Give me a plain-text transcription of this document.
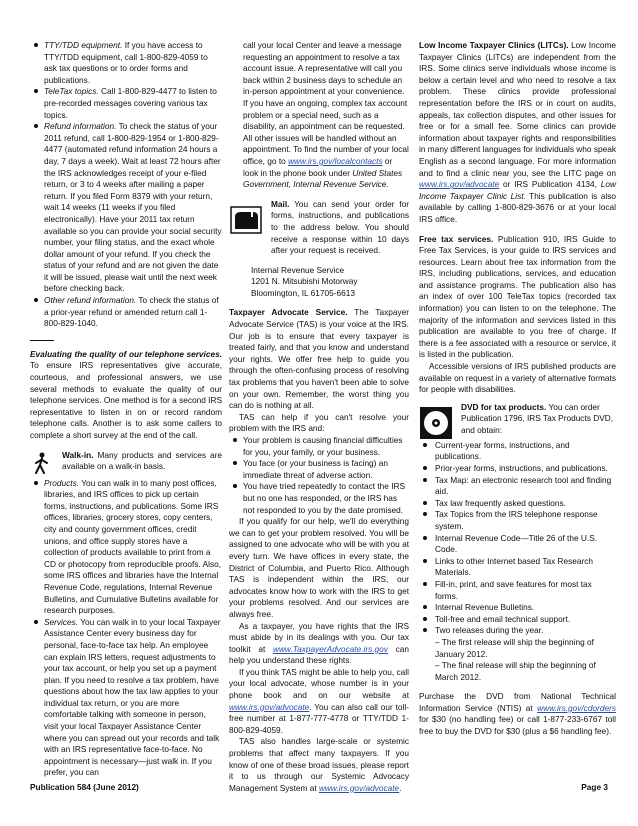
TTY/TDD equipment. If you have access to TTY/TDD equipment, call 1-800-829-4059 to ask tax questions or to order forms and publications.
TeleTax topics. Call 1-800-829-4477 to listen to pre-recorded messages covering various tax topics.
Refund information. To check the status of your 2011 refund, call 1-800-829-1954 or 1-800-829-4477 (automated refund information 24 hours a day, 7 days a week). Wait at least 72 hours after the IRS acknowledges receipt of your e-filed return, or 3 to 4 weeks after mailing a paper return. If you filed Form 8379 with your return, wait 14 weeks (11 weeks if you filed electronically). Have your 2011 tax return available so you can provide your social security number, your filing status, and the exact whole dollar amount of your refund. If you check the status of your refund and are not given the date it will be issued, please wait until the next week before checking back.
Other refund information. To check the status of a prior-year refund or amended return call 1-800-829-1040.

Evaluating the quality of our telephone services. To ensure IRS representatives give accurate, courteous, and professional answers, we use several methods to evaluate the quality of our telephone services. One method is for a second IRS representative to listen in on or record random telephone calls. Another is to ask some callers to complete a short survey at the end of the call.

Walk-in. Many products and services are available on a walk-in basis.

Products. You can walk in to many post offices, libraries, and IRS offices to pick up certain forms, instructions, and publications. Some IRS offices, libraries, grocery stores, copy centers, city and county government offices, credit unions, and office supply stores have a collection of products available to print from a CD or photocopy from reproducible proofs. Also, some IRS offices and libraries have the Internal Revenue Code, regulations, Internal Revenue Bulletins, and Cumulative Bulletins available for research purposes.
Services. You can walk in to your local Taxpayer Assistance Center every business day for personal, face-to-face tax help. An employee can explain IRS letters, request adjustments to your tax account, or help you set up a payment plan. If you need to resolve a tax problem, have questions about how the tax law applies to your individual tax return, or you are more comfortable talking with someone in person, visit your local Taxpayer Assistance Center where you can spread out your records and talk with an IRS representative face-to-face. No appointment is necessary—just walk in. If you prefer, you can

call your local Center and leave a message requesting an appointment to resolve a tax account issue. A representative will call you back within 2 business days to schedule an in-person appointment at your convenience. If you have an ongoing, complex tax account problem or a special need, such as a disability, an appointment can be requested. All other issues will be handled without an appointment. To find the number of your local office, go to www.irs.gov/localcontacts or look in the phone book under United States Government, Internal Revenue Service.

Mail. You can send your order for forms, instructions, and publications to the address below. You should receive a response within 10 days after your request is received.

Internal Revenue Service
1201 N. Mitsubishi Motorway
Bloomington, IL 61705-6613

Taxpayer Advocate Service. The Taxpayer Advocate Service (TAS) is your voice at the IRS. Our job is to ensure that every taxpayer is treated fairly, and that you know and understand your rights. We offer free help to guide you through the often-confusing process of resolving tax problems that you haven't been able to solve on your own. Remember, the worst thing you can do is nothing at all.

TAS can help if you can't resolve your problem with the IRS and:

Your problem is causing financial difficulties for you, your family, or your business.
You face (or your business is facing) an immediate threat of adverse action.
You have tried repeatedly to contact the IRS but no one has responded, or the IRS has not responded to you by the date promised.

If you qualify for our help, we'll do everything we can to get your problem resolved. You will be assigned to one advocate who will be with you at every turn. We have offices in every state, the District of Columbia, and Puerto Rico. Although TAS is independent within the IRS, our advocates know how to work with the IRS to get your problems resolved. And our services are always free.

As a taxpayer, you have rights that the IRS must abide by in its dealings with you. Our tax toolkit at www.TaxpayerAdvocate.irs.gov can help you understand these rights.

If you think TAS might be able to help you, call your local advocate, whose number is in your phone book and on our website at www.irs.gov/advocate. You can also call our toll-free number at 1-877-777-4778 or TTY/TDD 1-800-829-4059.

TAS also handles large-scale or systemic problems that affect many taxpayers. If you know of one of these broad issues, please report it to us through our Systemic Advocacy Management System at www.irs.gov/advocate.

Low Income Taxpayer Clinics (LITCs). Low Income Taxpayer Clinics (LITCs) are independent from the IRS. Some clinics serve individuals whose income is below a certain level and who need to resolve a tax problem. These clinics provide professional representation before the IRS or in court on audits, appeals, tax collection disputes, and other issues for free or for a small fee. Some clinics can provide information about taxpayer rights and responsibilities in many different languages for individuals who speak English as a second language. For more information and to find a clinic near you, see the LITC page on www.irs.gov/advocate or IRS Publication 4134, Low Income Taxpayer Clinic List. This publication is also available by calling 1-800-829-3676 or at your local IRS office.

Free tax services. Publication 910, IRS Guide to Free Tax Services, is your guide to IRS services and resources. Learn about free tax information from the IRS, including publications, services, and education and assistance programs. The publication also has an index of over 100 TeleTax topics (recorded tax information) you can listen to on the telephone. The majority of the information and services listed in this publication are available to you free of charge. If there is a fee associated with a resource or service, it is listed in the publication.

Accessible versions of IRS published products are available on request in a variety of alternative formats for people with disabilities.

DVD for tax products. You can order Publication 1796, IRS Tax Products DVD, and obtain:

Current-year forms, instructions, and publications.
Prior-year forms, instructions, and publications.
Tax Map: an electronic research tool and finding aid.
Tax law frequently asked questions.
Tax Topics from the IRS telephone response system.
Internal Revenue Code—Title 26 of the U.S. Code.
Links to other Internet based Tax Research Materials.
Fill-in, print, and save features for most tax forms.
Internal Revenue Bulletins.
Toll-free and email technical support.
Two releases during the year.
– The first release will ship the beginning of January 2012.
– The final release will ship the beginning of March 2012.

Purchase the DVD from National Technical Information Service (NTIS) at www.irs.gov/cdorders for $30 (no handling fee) or call 1-877-233-6767 toll free to buy the DVD for $30 (plus a $6 handling fee).

Publication 584 (June 2012)	Page 3
